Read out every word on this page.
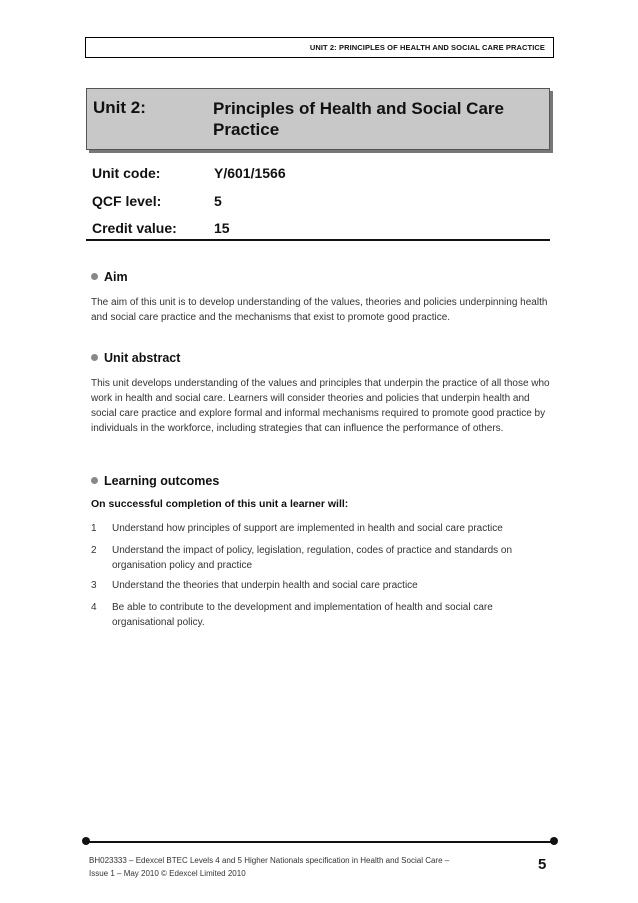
UNIT 2: PRINCIPLES OF HEALTH AND SOCIAL CARE PRACTICE
Unit 2:	Principles of Health and Social Care Practice
Unit code:	Y/601/1566
QCF level:	5
Credit value:	15
Aim
The aim of this unit is to develop understanding of the values, theories and policies underpinning health and social care practice and the mechanisms that exist to promote good practice.
Unit abstract
This unit develops understanding of the values and principles that underpin the practice of all those who work in health and social care. Learners will consider theories and policies that underpin health and social care practice and explore formal and informal mechanisms required to promote good practice by individuals in the workforce, including strategies that can influence the performance of others.
Learning outcomes
On successful completion of this unit a learner will:
1 Understand how principles of support are implemented in health and social care practice
2 Understand the impact of policy, legislation, regulation, codes of practice and standards on organisation policy and practice
3 Understand the theories that underpin health and social care practice
4 Be able to contribute to the development and implementation of health and social care organisational policy.
BH023333 – Edexcel BTEC Levels 4 and 5 Higher Nationals specification in Health and Social Care –
Issue 1 – May 2010 © Edexcel Limited 2010
5
